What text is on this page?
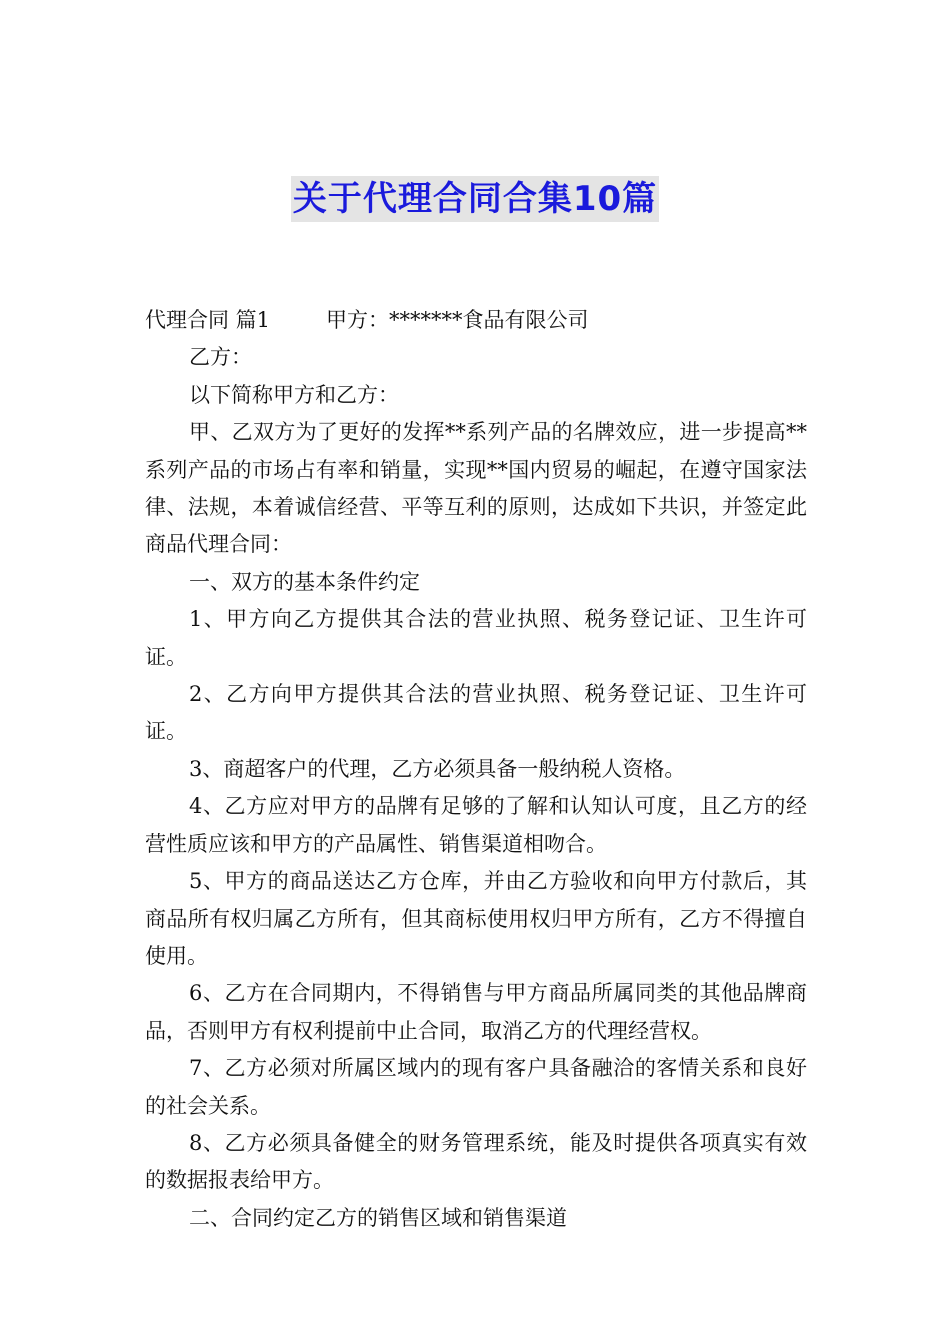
关于代理合同合集10篇

代理合同 篇1	甲方：*******食品有限公司

乙方：

以下简称甲方和乙方：

甲、乙双方为了更好的发挥**系列产品的名牌效应，进一步提高**系列产品的市场占有率和销量，实现**国内贸易的崛起，在遵守国家法律、法规，本着诚信经营、平等互利的原则，达成如下共识，并签定此商品代理合同：

一、双方的基本条件约定

1、甲方向乙方提供其合法的营业执照、税务登记证、卫生许可证。

2、乙方向甲方提供其合法的营业执照、税务登记证、卫生许可证。

3、商超客户的代理，乙方必须具备一般纳税人资格。

4、乙方应对甲方的品牌有足够的了解和认知认可度，且乙方的经营性质应该和甲方的产品属性、销售渠道相吻合。

5、甲方的商品送达乙方仓库，并由乙方验收和向甲方付款后，其商品所有权归属乙方所有，但其商标使用权归甲方所有，乙方不得擅自使用。

6、乙方在合同期内，不得销售与甲方商品所属同类的其他品牌商品，否则甲方有权利提前中止合同，取消乙方的代理经营权。

7、乙方必须对所属区域内的现有客户具备融洽的客情关系和良好的社会关系。

8、乙方必须具备健全的财务管理系统，能及时提供各项真实有效的数据报表给甲方。

二、合同约定乙方的销售区域和销售渠道
